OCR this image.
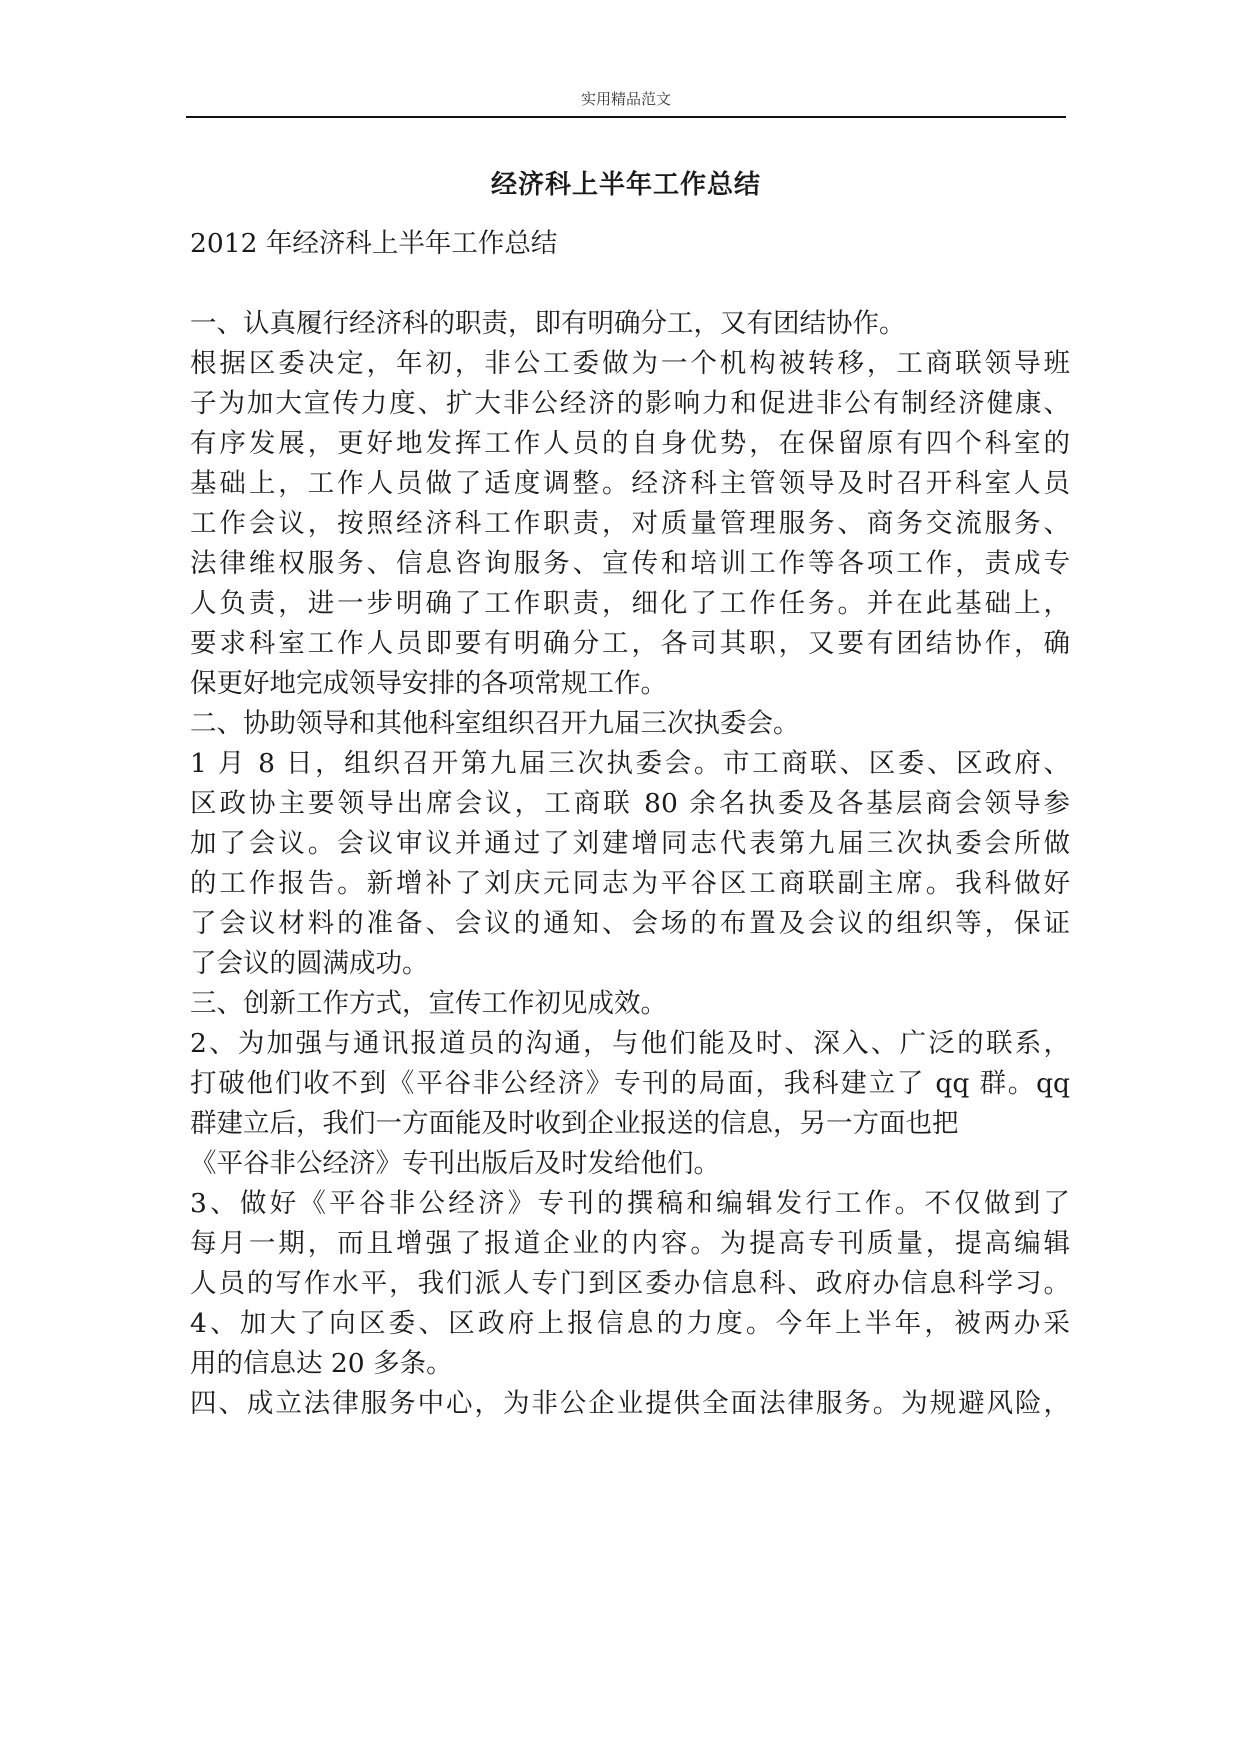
实用精品范文
经济科上半年工作总结
2012 年经济科上半年工作总结
一、认真履行经济科的职责，即有明确分工，又有团结协作。
根据区委决定，年初，非公工委做为一个机构被转移，工商联领导班
子为加大宣传力度、扩大非公经济的影响力和促进非公有制经济健康、
有序发展，更好地发挥工作人员的自身优势，在保留原有四个科室的
基础上，工作人员做了适度调整。经济科主管领导及时召开科室人员
工作会议，按照经济科工作职责，对质量管理服务、商务交流服务、
法律维权服务、信息咨询服务、宣传和培训工作等各项工作，责成专
人负责，进一步明确了工作职责，细化了工作任务。并在此基础上，
要求科室工作人员即要有明确分工，各司其职，又要有团结协作，确
保更好地完成领导安排的各项常规工作。
二、协助领导和其他科室组织召开九届三次执委会。
1 月 8 日，组织召开第九届三次执委会。市工商联、区委、区政府、
区政协主要领导出席会议，工商联 80 余名执委及各基层商会领导参
加了会议。会议审议并通过了刘建增同志代表第九届三次执委会所做
的工作报告。新增补了刘庆元同志为平谷区工商联副主席。我科做好
了会议材料的准备、会议的通知、会场的布置及会议的组织等，保证
了会议的圆满成功。
三、创新工作方式，宣传工作初见成效。
2、为加强与通讯报道员的沟通，与他们能及时、深入、广泛的联系，
打破他们收不到《平谷非公经济》专刊的局面，我科建立了 qq 群。qq
群建立后，我们一方面能及时收到企业报送的信息，另一方面也把
《平谷非公经济》专刊出版后及时发给他们。
3、做好《平谷非公经济》专刊的撰稿和编辑发行工作。不仅做到了
每月一期，而且增强了报道企业的内容。为提高专刊质量，提高编辑
人员的写作水平，我们派人专门到区委办信息科、政府办信息科学习。
4、加大了向区委、区政府上报信息的力度。今年上半年，被两办采
用的信息达 20 多条。
四、成立法律服务中心，为非公企业提供全面法律服务。为规避风险，
